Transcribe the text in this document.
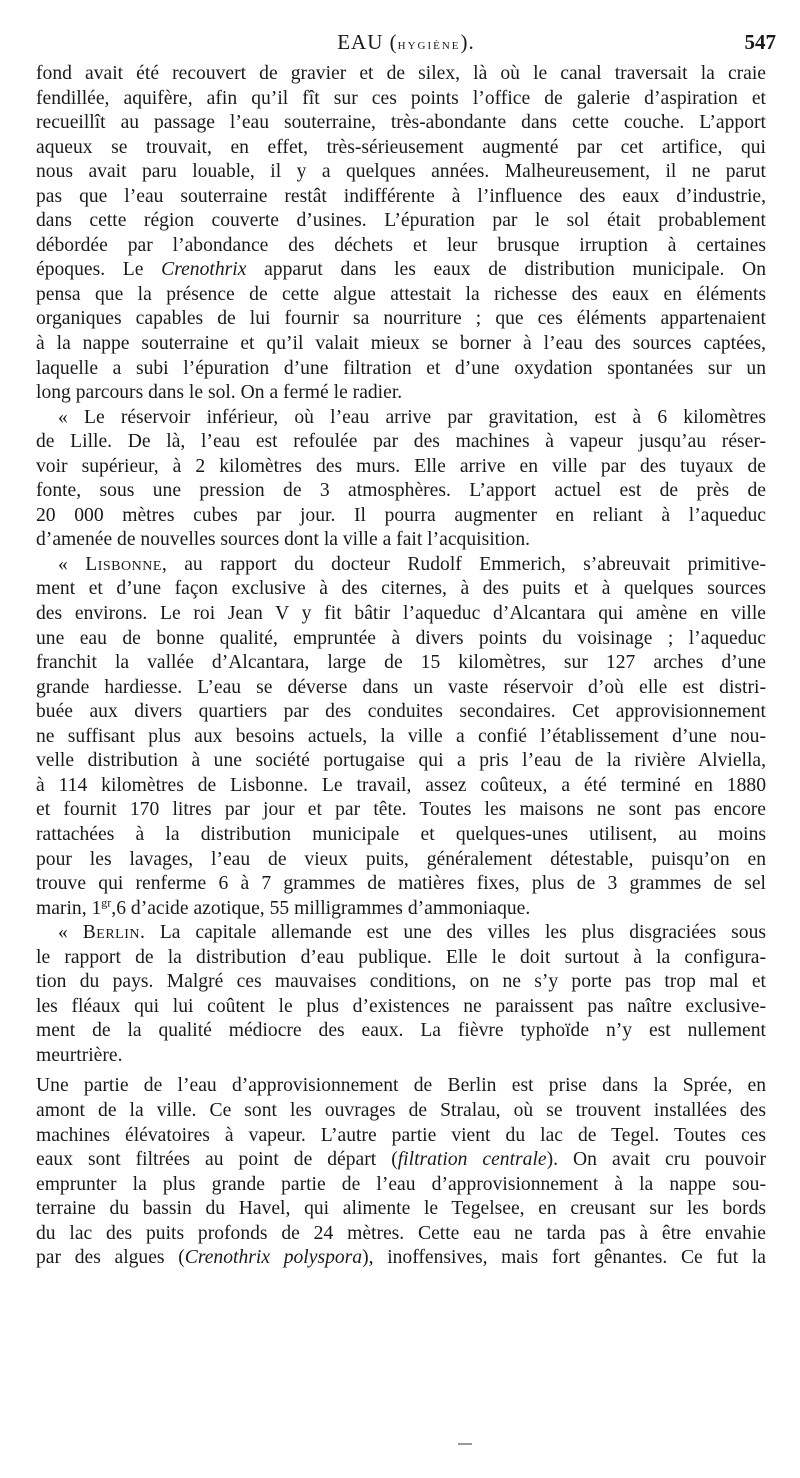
EAU (hygiène).	547
fond avait été recouvert de gravier et de silex, là où le canal traversait la craie
fendillée, aquifère, afin qu’il fît sur ces points l’office de galerie d’aspiration et
recueillît au passage l’eau souterraine, très-abondante dans cette couche. L’apport
aqueux se trouvait, en effet, très-sérieusement augmenté par cet artifice, qui
nous avait paru louable, il y a quelques années. Malheureusement, il ne parut
pas que l’eau souterraine restât indifférente à l’influence des eaux d’industrie,
dans cette région couverte d’usines. L’épuration par le sol était probablement
débordée par l’abondance des déchets et leur brusque irruption à certaines
époques. Le Crenothrix apparut dans les eaux de distribution municipale. On
pensa que la présence de cette algue attestait la richesse des eaux en éléments
organiques capables de lui fournir sa nourriture ; que ces éléments appartenaient
à la nappe souterraine et qu’il valait mieux se borner à l’eau des sources captées,
laquelle a subi l’épuration d’une filtration et d’une oxydation spontanées sur un
long parcours dans le sol. On a fermé le radier.
« Le réservoir inférieur, où l’eau arrive par gravitation, est à 6 kilomètres
de Lille. De là, l’eau est refoulée par des machines à vapeur jusqu’au réser-
voir supérieur, à 2 kilomètres des murs. Elle arrive en ville par des tuyaux de
fonte, sous une pression de 3 atmosphères. L’apport actuel est de près de
20 000 mètres cubes par jour. Il pourra augmenter en reliant à l’aqueduc
d’amenée de nouvelles sources dont la ville a fait l’acquisition.
« Lisbonne, au rapport du docteur Rudolf Emmerich, s’abreuvait primitive-
ment et d’une façon exclusive à des citernes, à des puits et à quelques sources
des environs. Le roi Jean V y fit bâtir l’aqueduc d’Alcantara qui amène en ville
une eau de bonne qualité, empruntée à divers points du voisinage ; l’aqueduc
franchit la vallée d’Alcantara, large de 15 kilomètres, sur 127 arches d’une
grande hardiesse. L’eau se déverse dans un vaste réservoir d’où elle est distri-
buée aux divers quartiers par des conduites secondaires. Cet approvisionnement
ne suffisant plus aux besoins actuels, la ville a confié l’établissement d’une nou-
velle distribution à une société portugaise qui a pris l’eau de la rivière Alviella,
à 114 kilomètres de Lisbonne. Le travail, assez coûteux, a été terminé en 1880
et fournit 170 litres par jour et par tête. Toutes les maisons ne sont pas encore
rattachées à la distribution municipale et quelques-unes utilisent, au moins
pour les lavages, l’eau de vieux puits, généralement détestable, puisqu’on en
trouve qui renferme 6 à 7 grammes de matières fixes, plus de 3 grammes de sel
marin, $1^{gr},6$ d’acide azotique, 55 milligrammes d’ammoniaque.
« Berlin. La capitale allemande est une des villes les plus disgraciées sous
le rapport de la distribution d’eau publique. Elle le doit surtout à la configura-
tion du pays. Malgré ces mauvaises conditions, on ne s’y porte pas trop mal et
les fléaux qui lui coûtent le plus d’existences ne paraissent pas naître exclusive-
ment de la qualité médiocre des eaux. La fièvre typhoïde n’y est nullement
meurtrière.
Une partie de l’eau d’approvisionnement de Berlin est prise dans la Sprée, en
amont de la ville. Ce sont les ouvrages de Stralau, où se trouvent installées des
machines élévatoires à vapeur. L’autre partie vient du lac de Tegel. Toutes ces
eaux sont filtrées au point de départ (filtration centrale). On avait cru pouvoir
emprunter la plus grande partie de l’eau d’approvisionnement à la nappe sou-
terraine du bassin du Havel, qui alimente le Tegelsee, en creusant sur les bords
du lac des puits profonds de 24 mètres. Cette eau ne tarda pas à être envahie
par des algues (Crenothrix polyspora), inoffensives, mais fort gênantes. Ce fut la
